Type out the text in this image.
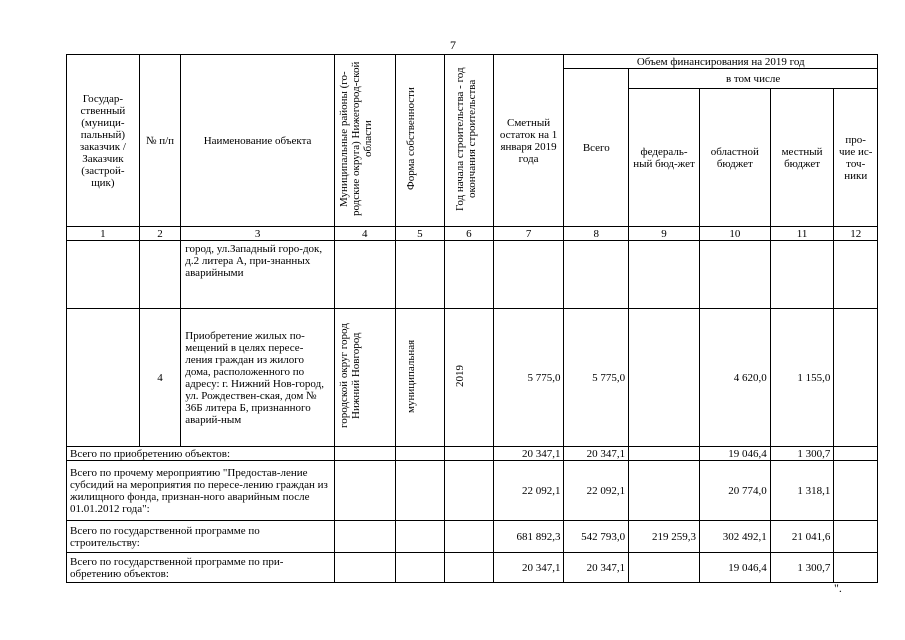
7
Государ-ственный (муници-пальный) заказчик / Заказчик (застрой-щик)	№ п/п	Наименование объекта	Муниципальные районы (го-родские округа) Нижегород-ской области	Форма собственности	Год начала строительства - год окончания строительства	Сметный остаток на 1 января 2019 года	Объем финансирования на 2019 год				
							Всего	в том числе			
								федераль-ный бюд-жет	областной бюджет	местный бюджет	про-чие ис-точ-ники
1	2	3	4	5	6	7	8	9	10	11	12
		город, ул.Западный горо-док, д.2 литера А, при-знанных аварийными									
	4	Приобретение жилых по-мещений в целях пересе-ления граждан из жилого дома, расположенного по адресу: г. Нижний Нов-город, ул. Рождествен-ская, дом № 36Б литера Б, признанного аварий-ным	городской округ город Нижний Новгород	муниципальная	2019	5 775,0	5 775,0		4 620,0	1 155,0	
Всего по приобретению объектов:						20 347,1	20 347,1		19 046,4	1 300,7	
Всего по прочему мероприятию "Предостав-ление субсидий на мероприятия по пересе-лению граждан из жилищного фонда, признан-ного аварийным после 01.01.2012 года":						22 092,1	22 092,1		20 774,0	1 318,1	
Всего по государственной программе по строительству:						681 892,3	542 793,0	219 259,3	302 492,1	21 041,6	
Всего по государственной программе по при-обретению объектов:						20 347,1	20 347,1		19 046,4	1 300,7	
".
